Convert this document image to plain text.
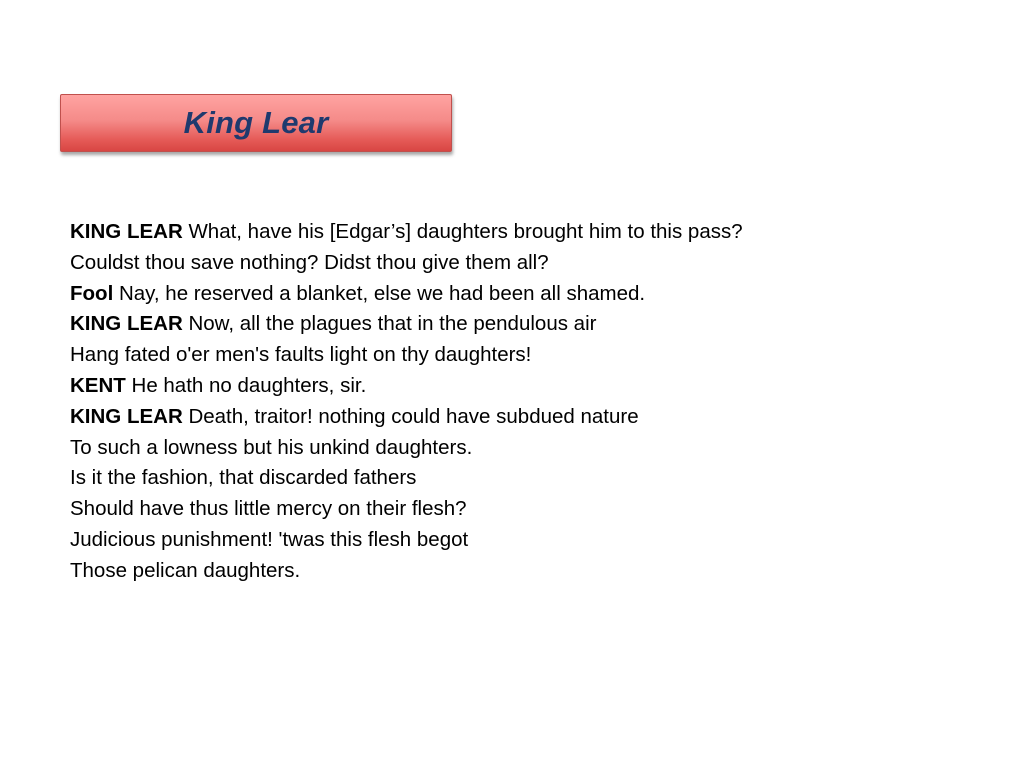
King Lear
KING LEAR What, have his [Edgar’s] daughters brought him to this pass?
Couldst thou save nothing? Didst thou give them all?
Fool Nay, he reserved a blanket, else we had been all shamed.
KING LEAR Now, all the plagues that in the pendulous air
Hang fated o'er men's faults light on thy daughters!
KENT He hath no daughters, sir.
KING LEAR Death, traitor! nothing could have subdued nature
To such a lowness but his unkind daughters.
Is it the fashion, that discarded fathers
Should have thus little mercy on their flesh?
Judicious punishment! 'twas this flesh begot
Those pelican daughters.
